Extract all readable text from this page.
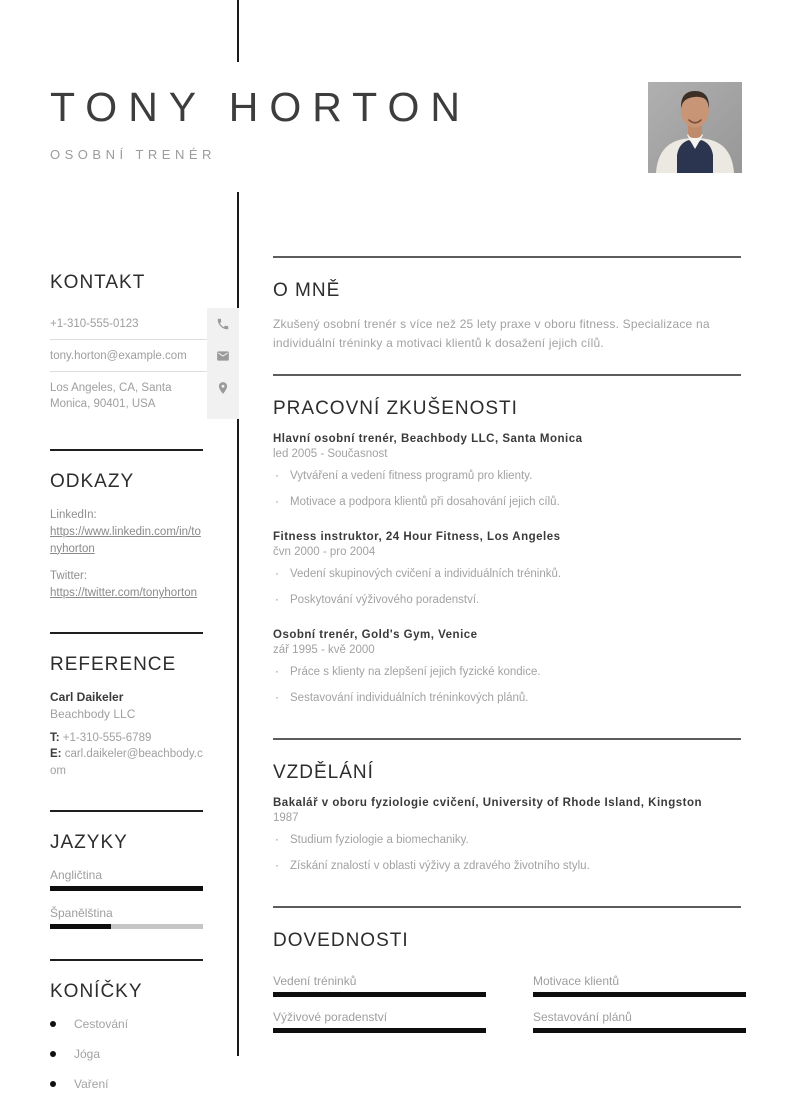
TONY HORTON
OSOBNÍ TRENÉR
KONTAKT
+1-310-555-0123
tony.horton@example.com
Los Angeles, CA, Santa Monica, 90401, USA
ODKAZY
LinkedIn:
https://www.linkedin.com/in/tonyhorton
Twitter:
https://twitter.com/tonyhorton
REFERENCE
Carl Daikeler
Beachbody LLC
T: +1-310-555-6789
E: carl.daikeler@beachbody.com
JAZYKY
Angličtina
Španělština
KONÍČKY
Cestování
Jóga
Vaření
O MNĚ
Zkušený osobní trenér s více než 25 lety praxe v oboru fitness. Specializace na individuální tréninky a motivaci klientů k dosažení jejich cílů.
PRACOVNÍ ZKUŠENOSTI
Hlavní osobní trenér, Beachbody LLC, Santa Monica
led 2005 - Současnost
· Vytváření a vedení fitness programů pro klienty.
· Motivace a podpora klientů při dosahování jejich cílů.
Fitness instruktor, 24 Hour Fitness, Los Angeles
čvn 2000 - pro 2004
· Vedení skupinových cvičení a individuálních tréninků.
· Poskytování výživového poradenství.
Osobní trenér, Gold's Gym, Venice
zář 1995 - kvě 2000
· Práce s klienty na zlepšení jejich fyzické kondice.
· Sestavování individuálních tréninkových plánů.
VZDĚLÁNÍ
Bakalář v oboru fyziologie cvičení, University of Rhode Island, Kingston
1987
· Studium fyziologie a biomechaniky.
· Získání znalostí v oblasti výživy a zdravého životního stylu.
DOVEDNOSTI
Vedení tréninků	Motivace klientů
Výživové poradenství	Sestavování plánů
